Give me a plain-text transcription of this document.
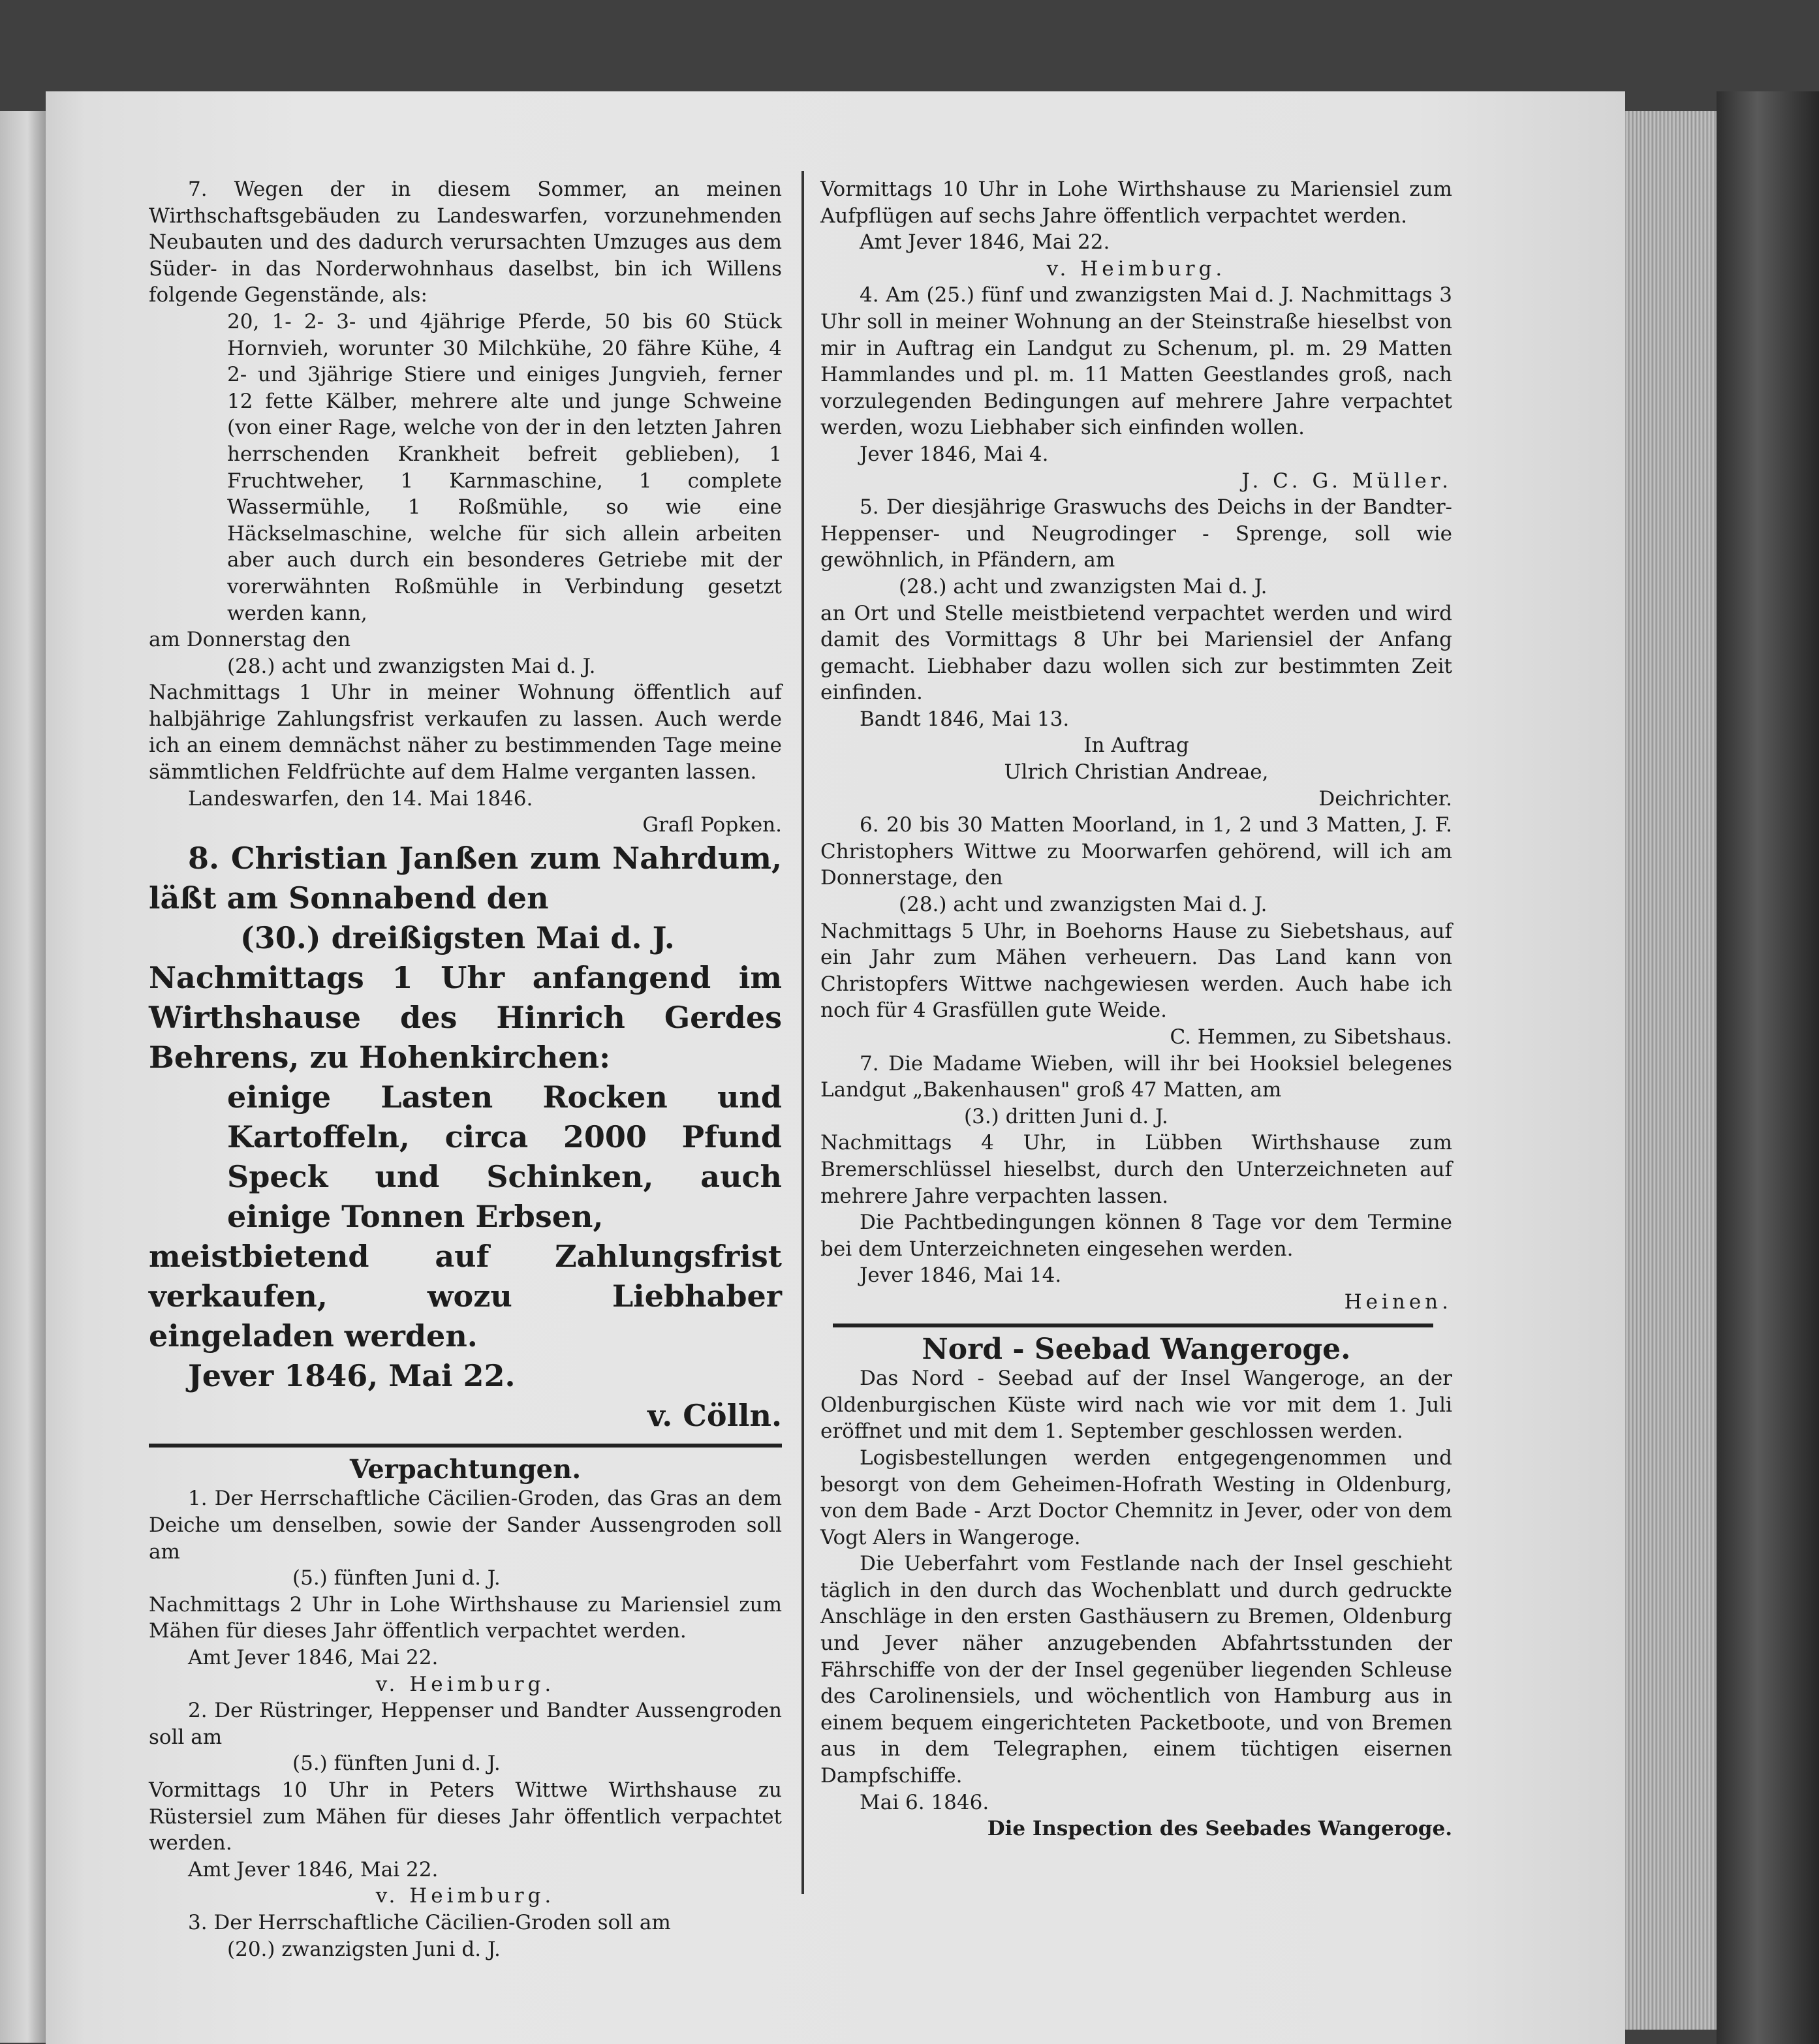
7. Wegen der in diesem Sommer, an meinen Wirthschaftsgebäuden zu Landeswarfen, vorzunehmenden Neubauten und des dadurch verursachten Umzuges aus dem Süder- in das Norderwohnhaus daselbst, bin ich Willens folgende Gegenstände, als:

20, 1- 2- 3- und 4jährige Pferde, 50 bis 60 Stück Hornvieh, worunter 30 Milchkühe, 20 fähre Kühe, 4 2- und 3jährige Stiere und einiges Jungvieh, ferner 12 fette Kälber, mehrere alte und junge Schweine (von einer Rage, welche von der in den letzten Jahren herrschenden Krankheit befreit geblieben), 1 Fruchtweher, 1 Karnmaschine, 1 complete Wassermühle, 1 Roßmühle, so wie eine Häckselmaschine, welche für sich allein arbeiten aber auch durch ein besonderes Getriebe mit der vorerwähnten Roßmühle in Verbindung gesetzt werden kann,

am Donnerstag den

(28.) acht und zwanzigsten Mai d. J.

Nachmittags 1 Uhr in meiner Wohnung öffentlich auf halbjährige Zahlungsfrist verkaufen zu lassen. Auch werde ich an einem demnächst näher zu bestimmenden Tage meine sämmtlichen Feldfrüchte auf dem Halme verganten lassen.

Landeswarfen, den 14. Mai 1846.

Grafl Popken.

8. Christian Janßen zum Nahrdum, läßt am Sonnabend den

(30.) dreißigsten Mai d. J.

Nachmittags 1 Uhr anfangend im Wirthshause des Hinrich Gerdes Behrens, zu Hohenkirchen:

einige Lasten Rocken und Kartoffeln, circa 2000 Pfund Speck und Schinken, auch einige Tonnen Erbsen,

meistbietend auf Zahlungsfrist verkaufen, wozu Liebhaber eingeladen werden.

Jever 1846, Mai 22.

v. Cölln.

Verpachtungen.

1. Der Herrschaftliche Cäcilien-Groden, das Gras an dem Deiche um denselben, sowie der Sander Aussengroden soll am

(5.) fünften Juni d. J.

Nachmittags 2 Uhr in Lohe Wirthshause zu Mariensiel zum Mähen für dieses Jahr öffentlich verpachtet werden.

Amt Jever 1846, Mai 22.

v. Heimburg.

2. Der Rüstringer, Heppenser und Bandter Aussengroden soll am

(5.) fünften Juni d. J.

Vormittags 10 Uhr in Peters Wittwe Wirthshause zu Rüstersiel zum Mähen für dieses Jahr öffentlich verpachtet werden.

Amt Jever 1846, Mai 22.

v. Heimburg.

3. Der Herrschaftliche Cäcilien-Groden soll am

(20.) zwanzigsten Juni d. J.

Vormittags 10 Uhr in Lohe Wirthshause zu Mariensiel zum Aufpflügen auf sechs Jahre öffentlich verpachtet werden.

Amt Jever 1846, Mai 22.

v. Heimburg.

4. Am (25.) fünf und zwanzigsten Mai d. J. Nachmittags 3 Uhr soll in meiner Wohnung an der Steinstraße hieselbst von mir in Auftrag ein Landgut zu Schenum, pl. m. 29 Matten Hammlandes und pl. m. 11 Matten Geestlandes groß, nach vorzulegenden Bedingungen auf mehrere Jahre verpachtet werden, wozu Liebhaber sich einfinden wollen.

Jever 1846, Mai 4.

J. C. G. Müller.

5. Der diesjährige Graswuchs des Deichs in der Bandter- Heppenser- und Neugrodinger - Sprenge, soll wie gewöhnlich, in Pfändern, am

(28.) acht und zwanzigsten Mai d. J.

an Ort und Stelle meistbietend verpachtet werden und wird damit des Vormittags 8 Uhr bei Mariensiel der Anfang gemacht. Liebhaber dazu wollen sich zur bestimmten Zeit einfinden.

Bandt 1846, Mai 13.

In Auftrag

Ulrich Christian Andreae,

Deichrichter.

6. 20 bis 30 Matten Moorland, in 1, 2 und 3 Matten, J. F. Christophers Wittwe zu Moorwarfen gehörend, will ich am Donnerstage, den

(28.) acht und zwanzigsten Mai d. J.

Nachmittags 5 Uhr, in Boehorns Hause zu Siebetshaus, auf ein Jahr zum Mähen verheuern. Das Land kann von Christopfers Wittwe nachgewiesen werden. Auch habe ich noch für 4 Grasfüllen gute Weide.

C. Hemmen, zu Sibetshaus.

7. Die Madame Wieben, will ihr bei Hooksiel belegenes Landgut „Bakenhausen" groß 47 Matten, am

(3.) dritten Juni d. J.

Nachmittags 4 Uhr, in Lübben Wirthshause zum Bremerschlüssel hieselbst, durch den Unterzeichneten auf mehrere Jahre verpachten lassen.

Die Pachtbedingungen können 8 Tage vor dem Termine bei dem Unterzeichneten eingesehen werden.

Jever 1846, Mai 14.

Heinen.

Nord - Seebad Wangeroge.

Das Nord - Seebad auf der Insel Wangeroge, an der Oldenburgischen Küste wird nach wie vor mit dem 1. Juli eröffnet und mit dem 1. September geschlossen werden.

Logisbestellungen werden entgegengenommen und besorgt von dem Geheimen-Hofrath Westing in Oldenburg, von dem Bade - Arzt Doctor Chemnitz in Jever, oder von dem Vogt Alers in Wangeroge.

Die Ueberfahrt vom Festlande nach der Insel geschieht täglich in den durch das Wochenblatt und durch gedruckte Anschläge in den ersten Gasthäusern zu Bremen, Oldenburg und Jever näher anzugebenden Abfahrtsstunden der Fährschiffe von der der Insel gegenüber liegenden Schleuse des Carolinensiels, und wöchentlich von Hamburg aus in einem bequem eingerichteten Packetboote, und von Bremen aus in dem Telegraphen, einem tüchtigen eisernen Dampfschiffe.

Mai 6. 1846.

Die Inspection des Seebades Wangeroge.
